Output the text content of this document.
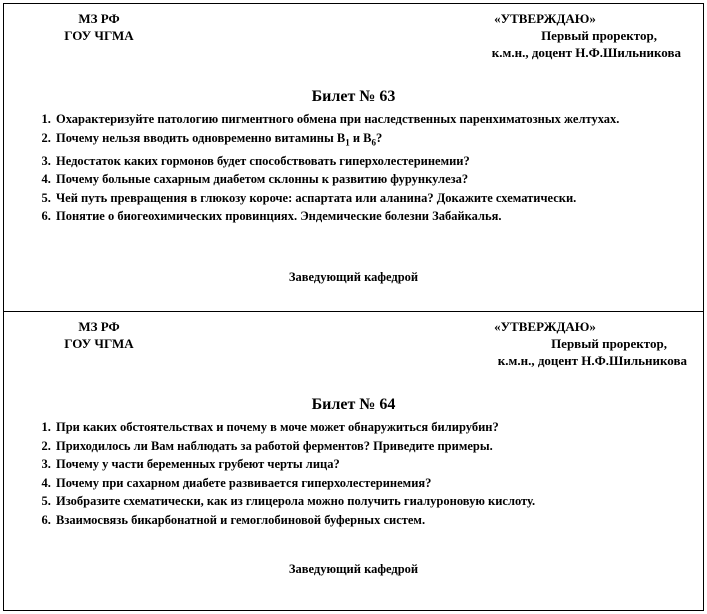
МЗ РФ
ГОУ ЧГМА
«УТВЕРЖДАЮ»
Первый проректор,
к.м.н., доцент Н.Ф.Шильникова
Билет № 63
1. Охарактеризуйте патологию пигментного обмена при наследственных паренхиматозных желтухах.
2. Почему нельзя вводить одновременно витамины $В_1$ и $В_6$?
3. Недостаток каких гормонов будет способствовать гиперхолестеринемии?
4. Почему больные сахарным диабетом склонны к развитию фурункулеза?
5. Чей путь превращения в глюкозу короче: аспартата или аланина? Докажите схематически.
6. Понятие о биогеохимических провинциях. Эндемические болезни Забайкалья.
Заведующий кафедрой
МЗ РФ
ГОУ ЧГМА
«УТВЕРЖДАЮ»
Первый проректор,
к.м.н., доцент Н.Ф.Шильникова
Билет № 64
1. При каких обстоятельствах и почему в моче может обнаружиться билирубин?
2. Приходилось ли Вам наблюдать за работой ферментов? Приведите примеры.
3. Почему у части беременных грубеют черты лица?
4. Почему при сахарном диабете развивается гиперхолестеринемия?
5. Изобразите схематически, как из глицерола можно получить гиалуроновую кислоту.
6. Взаимосвязь бикарбонатной и гемоглобиновой буферных систем.
Заведующий кафедрой
